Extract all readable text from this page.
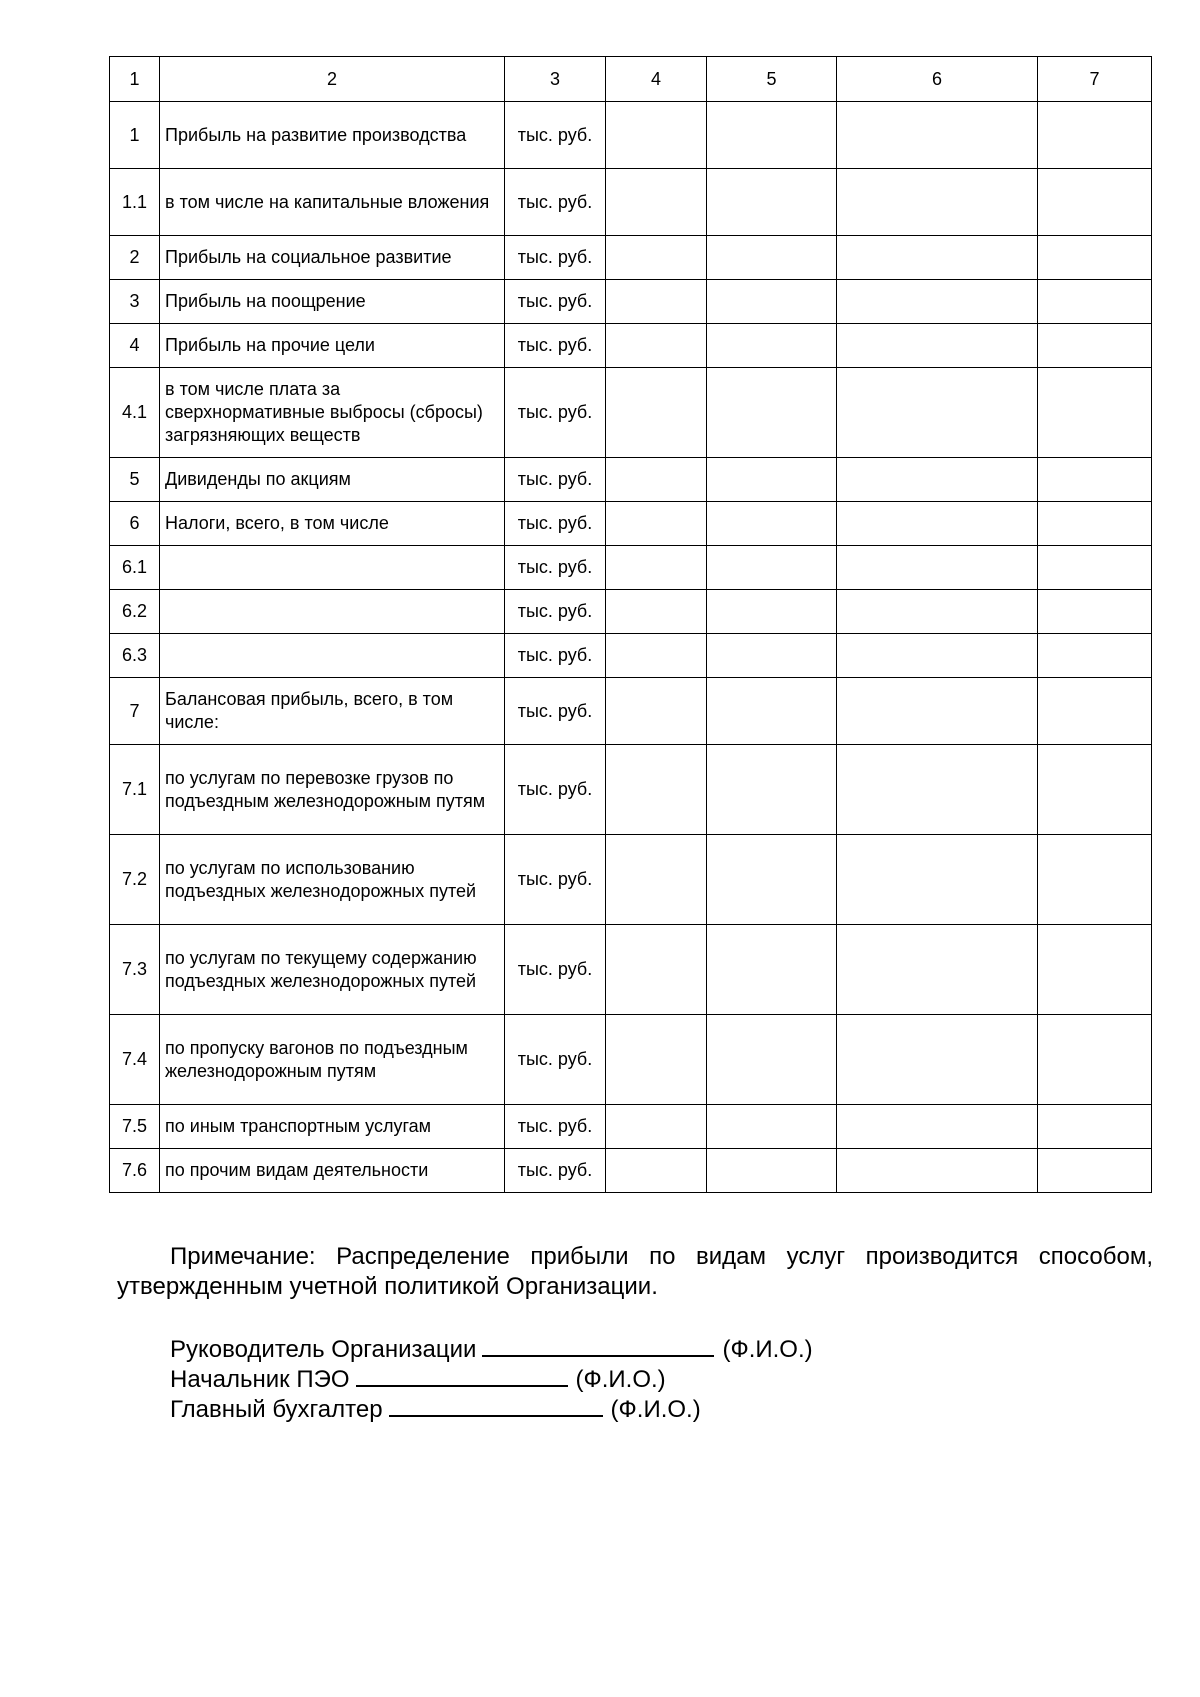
1	2	3	4	5	6	7
1	Прибыль на развитие производства	тыс. руб.				
1.1	в том числе на капитальные вложения	тыс. руб.				
2	Прибыль на социальное развитие	тыс. руб.				
3	Прибыль на поощрение	тыс. руб.				
4	Прибыль на прочие цели	тыс. руб.				
4.1	в том числе плата за сверхнормативные выбросы (сбросы) загрязняющих веществ	тыс. руб.				
5	Дивиденды по акциям	тыс. руб.				
6	Налоги, всего, в том числе	тыс. руб.				
6.1		тыс. руб.				
6.2		тыс. руб.				
6.3		тыс. руб.				
7	Балансовая прибыль, всего, в том числе:	тыс. руб.				
7.1	по услугам по перевозке грузов по подъездным железнодорожным путям	тыс. руб.				
7.2	по услугам по использованию подъездных железнодорожных путей	тыс. руб.				
7.3	по услугам по текущему содержанию подъездных железнодорожных путей	тыс. руб.				
7.4	по пропуску вагонов по подъездным железнодорожным путям	тыс. руб.				
7.5	по иным транспортным услугам	тыс. руб.				
7.6	по прочим видам деятельности	тыс. руб.				
Примечание: Распределение прибыли по видам услуг производится способом,
утвержденным учетной политикой Организации.
Руководитель Организации	(Ф.И.О.)
Начальник ПЭО	(Ф.И.О.)
Главный бухгалтер	(Ф.И.О.)
